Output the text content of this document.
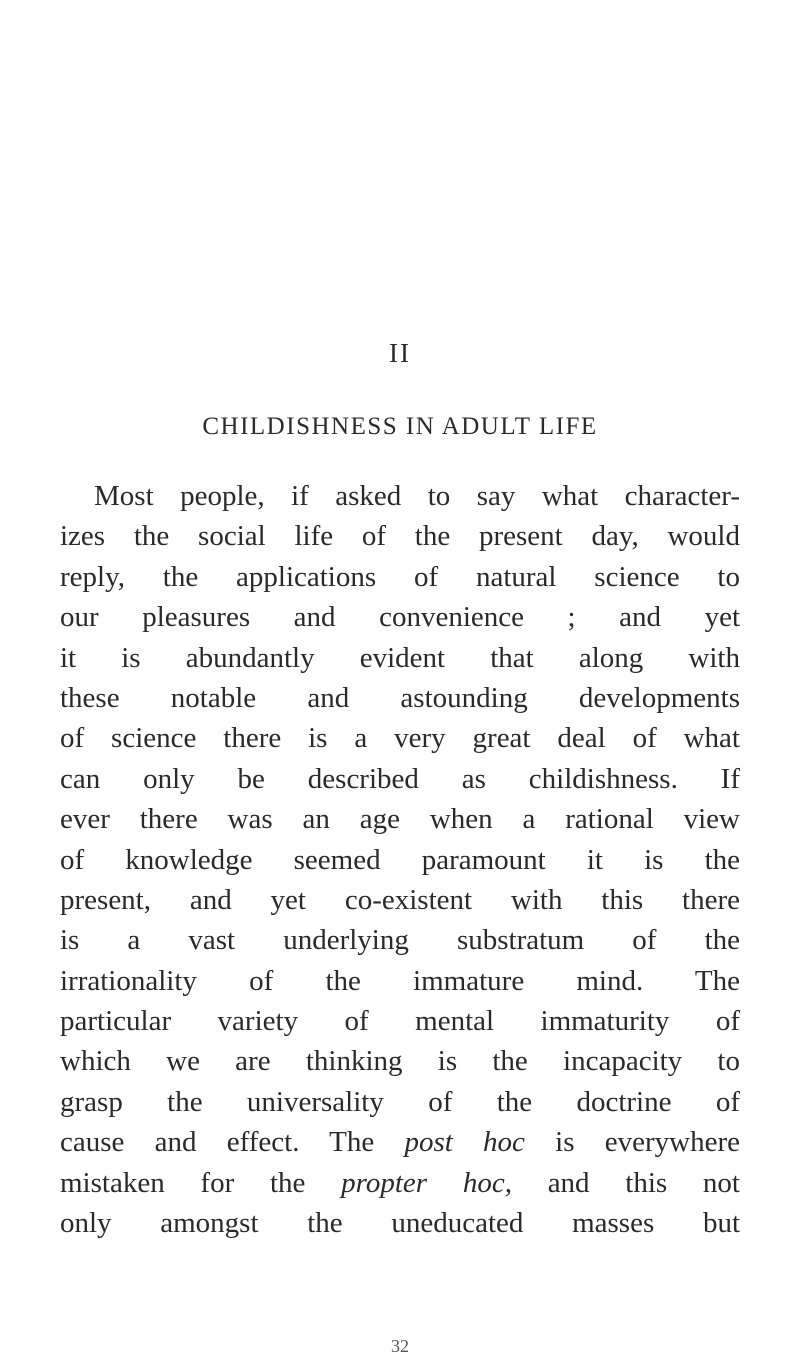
II
CHILDISHNESS IN ADULT LIFE
Most people, if asked to say what character-
izes the social life of the present day, would
reply, the applications of natural science to
our pleasures and convenience ; and yet
it is abundantly evident that along with
these notable and astounding developments
of science there is a very great deal of what
can only be described as childishness. If
ever there was an age when a rational view
of knowledge seemed paramount it is the
present, and yet co-existent with this there
is a vast underlying substratum of the
irrationality of the immature mind. The
particular variety of mental immaturity of
which we are thinking is the incapacity to
grasp the universality of the doctrine of
cause and effect. The post hoc is everywhere
mistaken for the propter hoc, and this not
only amongst the uneducated masses but
32
